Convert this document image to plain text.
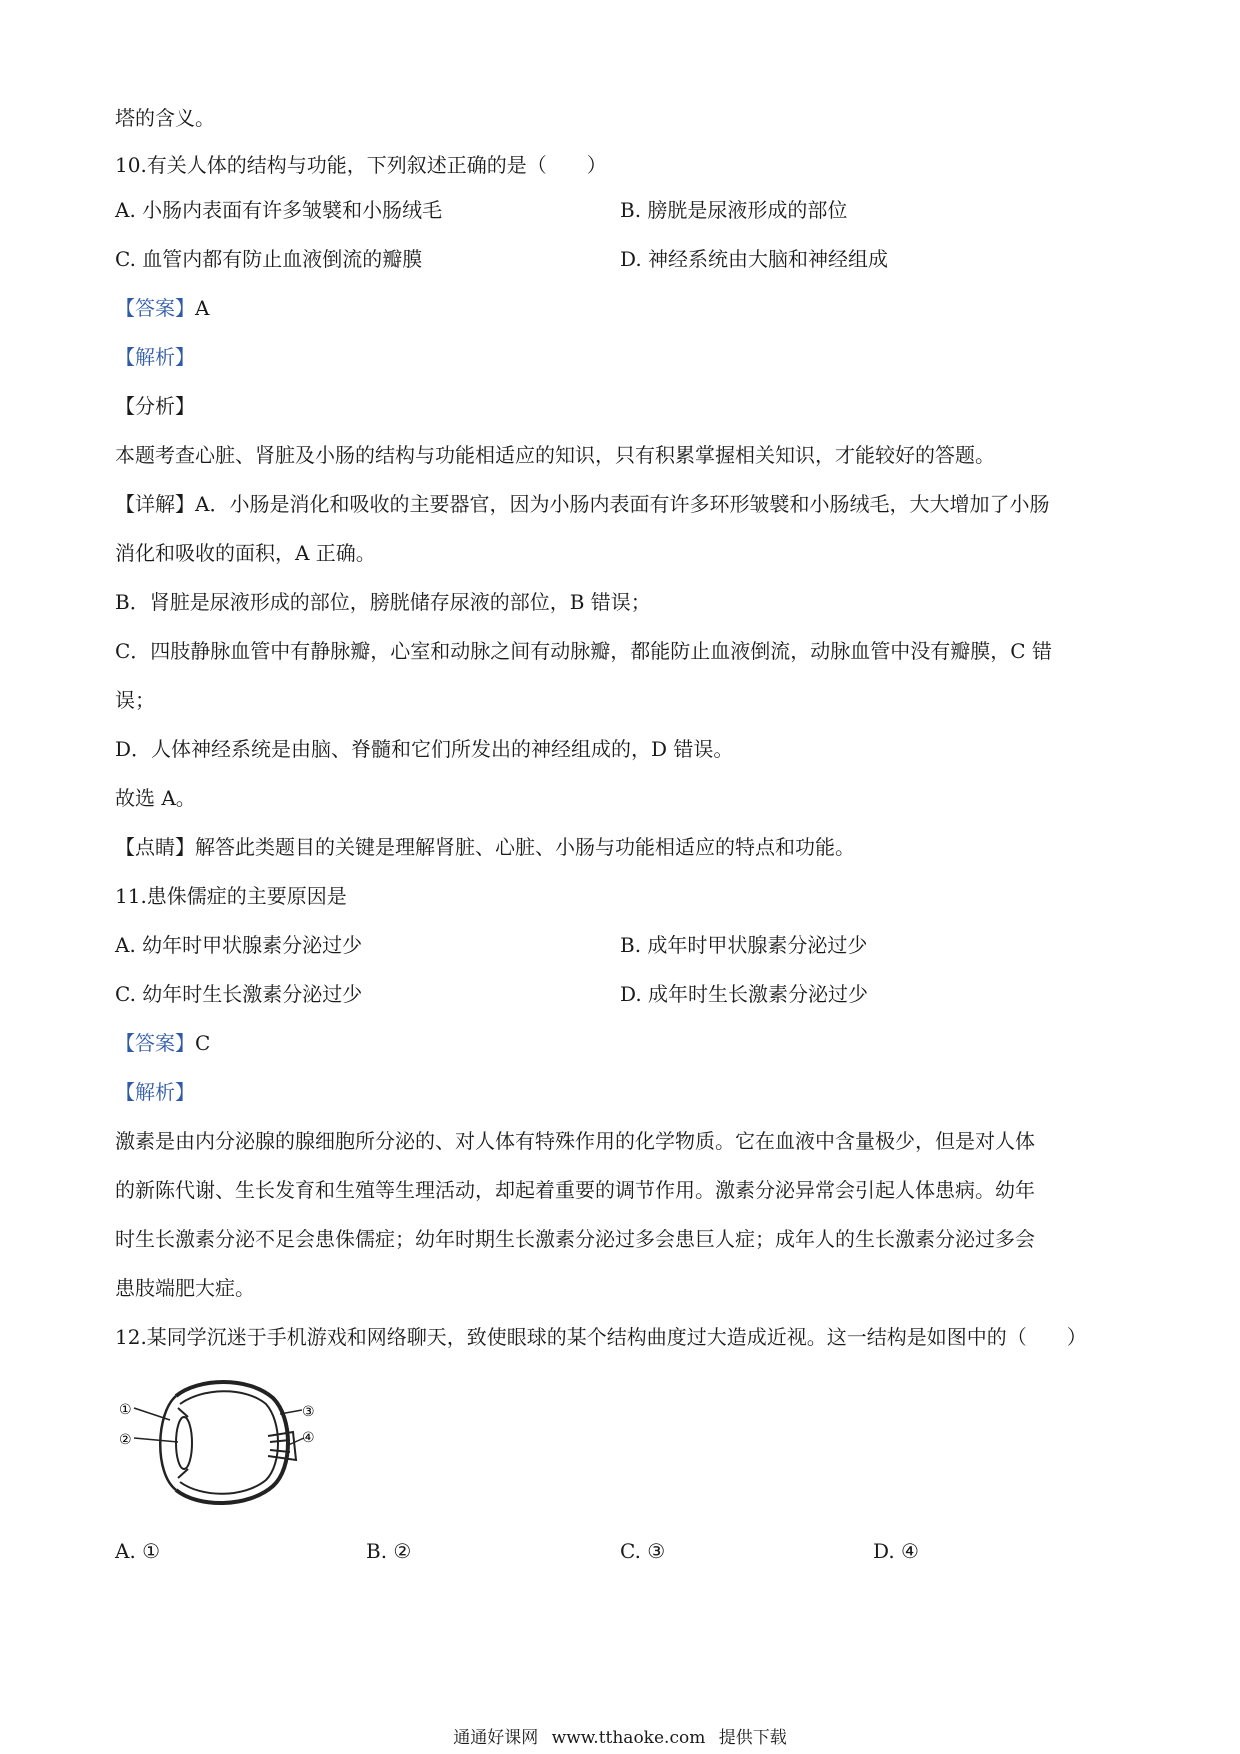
塔的含义。
10.有关人体的结构与功能，下列叙述正确的是（　　）
A. 小肠内表面有许多皱襞和小肠绒毛	B. 膀胱是尿液形成的部位
C. 血管内都有防止血液倒流的瓣膜	D. 神经系统由大脑和神经组成
【答案】A
【解析】
【分析】
本题考查心脏、肾脏及小肠的结构与功能相适应的知识，只有积累掌握相关知识，才能较好的答题。
【详解】A．小肠是消化和吸收的主要器官，因为小肠内表面有许多环形皱襞和小肠绒毛，大大增加了小肠
消化和吸收的面积，A 正确。
B．肾脏是尿液形成的部位，膀胱储存尿液的部位，B 错误；
C．四肢静脉血管中有静脉瓣，心室和动脉之间有动脉瓣，都能防止血液倒流，动脉血管中没有瓣膜，C 错
误；
D．人体神经系统是由脑、脊髓和它们所发出的神经组成的，D 错误。
故选 A。
【点睛】解答此类题目的关键是理解肾脏、心脏、小肠与功能相适应的特点和功能。
11.患侏儒症的主要原因是
A. 幼年时甲状腺素分泌过少	B. 成年时甲状腺素分泌过少
C. 幼年时生长激素分泌过少	D. 成年时生长激素分泌过少
【答案】C
【解析】
激素是由内分泌腺的腺细胞所分泌的、对人体有特殊作用的化学物质。它在血液中含量极少，但是对人体
的新陈代谢、生长发育和生殖等生理活动，却起着重要的调节作用。激素分泌异常会引起人体患病。幼年
时生长激素分泌不足会患侏儒症；幼年时期生长激素分泌过多会患巨人症；成年人的生长激素分泌过多会
患肢端肥大症。
12.某同学沉迷于手机游戏和网络聊天，致使眼球的某个结构曲度过大造成近视。这一结构是如图中的（　　）
①
②
③
④
A. ①	B. ②	C. ③	D. ④
通通好课网 www.tthaoke.com 提供下载
